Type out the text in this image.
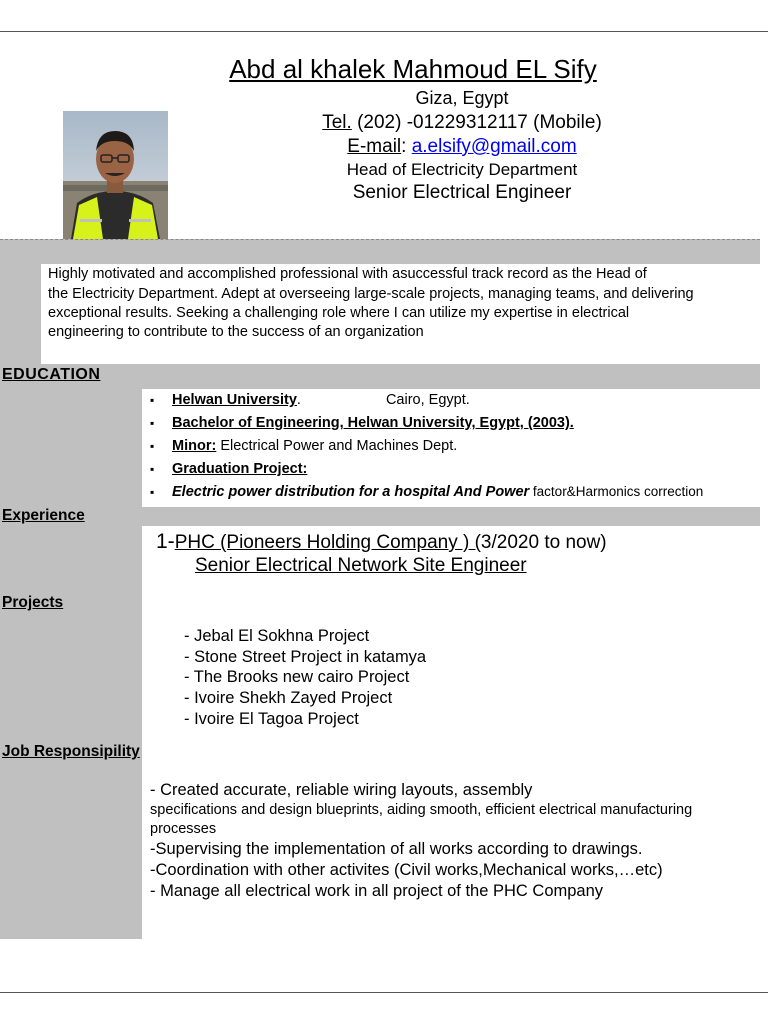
Abd al khalek Mahmoud EL Sify
Giza, Egypt
Tel. (202) -01229312117 (Mobile)
E-mail: a.elsify@gmail.com
Head of Electricity Department
Senior Electrical Engineer
Highly motivated and accomplished professional with asuccessful track record as the Head of
the Electricity Department. Adept at overseeing large-scale projects, managing teams, and delivering
exceptional results. Seeking a challenging role where I can utilize my expertise in electrical
engineering to contribute to the success of an organization
EDUCATION
▪ Helwan University.	Cairo, Egypt.
▪ Bachelor of Engineering, Helwan University, Egypt, (2003).
▪ Minor: Electrical Power and Machines Dept.
▪ Graduation Project:
▪ Electric power distribution for a hospital And Power factor&Harmonics correction
Experience
1-PHC (Pioneers Holding Company ) (3/2020 to now)
Senior Electrical Network Site Engineer
Projects
- Jebal El Sokhna Project
- Stone Street Project in katamya
- The Brooks new cairo Project
- Ivoire Shekh Zayed Project
- Ivoire El Tagoa Project
Job Responsipility
- Created accurate, reliable wiring layouts, assembly
specifications and design blueprints, aiding smooth, efficient electrical manufacturing
processes
-Supervising the implementation of all works according to drawings.
-Coordination with other activites (Civil works,Mechanical works,…etc)
- Manage all electrical work in all project of the PHC Company
